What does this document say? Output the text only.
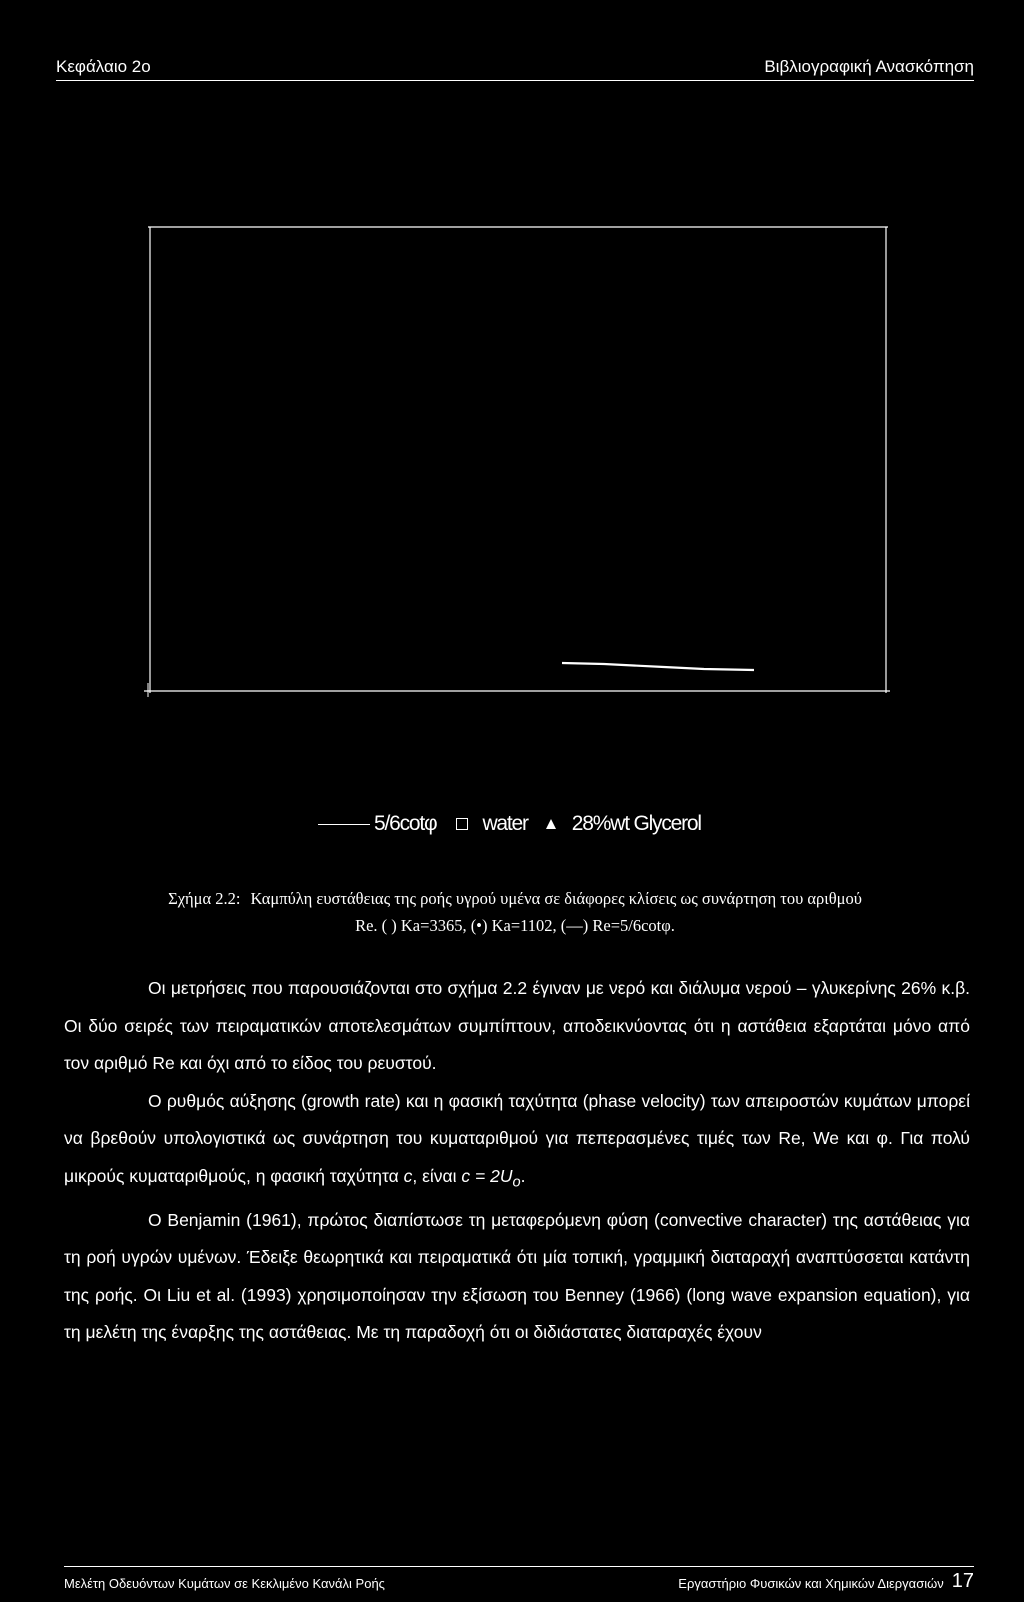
Κεφάλαιο 2ο	Βιβλιογραφική Ανασκόπηση
5/6cotφ water 28%wt Glycerol
Σχήμα 2.2: Καμπύλη ευστάθειας της ροής υγρού υμένα σε διάφορες κλίσεις ως συνάρτηση του αριθμού
Re. ( ) Ka=3365, (•) Ka=1102, (—) Re=5/6cotφ.

Οι μετρήσεις που παρουσιάζονται στο σχήμα 2.2 έγιναν με νερό και διάλυμα νερού – γλυκερίνης 26% κ.β. Οι δύο σειρές των πειραματικών αποτελεσμάτων συμπίπτουν, αποδεικνύοντας ότι η αστάθεια εξαρτάται μόνο από τον αριθμό Re και όχι από το είδος του ρευστού.

Ο ρυθμός αύξησης (growth rate) και η φασική ταχύτητα (phase velocity) των απειροστών κυμάτων μπορεί να βρεθούν υπολογιστικά ως συνάρτηση του κυματαριθμού για πεπερασμένες τιμές των Re, We και φ. Για πολύ μικρούς κυματαριθμούς, η φασική ταχύτητα c, είναι $c = 2U_o$.

Ο Benjamin (1961), πρώτος διαπίστωσε τη μεταφερόμενη φύση (convective character) της αστάθειας για τη ροή υγρών υμένων. Έδειξε θεωρητικά και πειραματικά ότι μία τοπική, γραμμική διαταραχή αναπτύσσεται κατάντη της ροής. Οι Liu et al. (1993) χρησιμοποίησαν την εξίσωση του Benney (1966) (long wave expansion equation), για τη μελέτη της έναρξης της αστάθειας. Με τη παραδοχή ότι οι διδιάστατες διαταραχές έχουν

Μελέτη Οδευόντων Κυμάτων σε Κεκλιμένο Κανάλι Ροής	Εργαστήριο Φυσικών και Χημικών Διεργασιών 17
